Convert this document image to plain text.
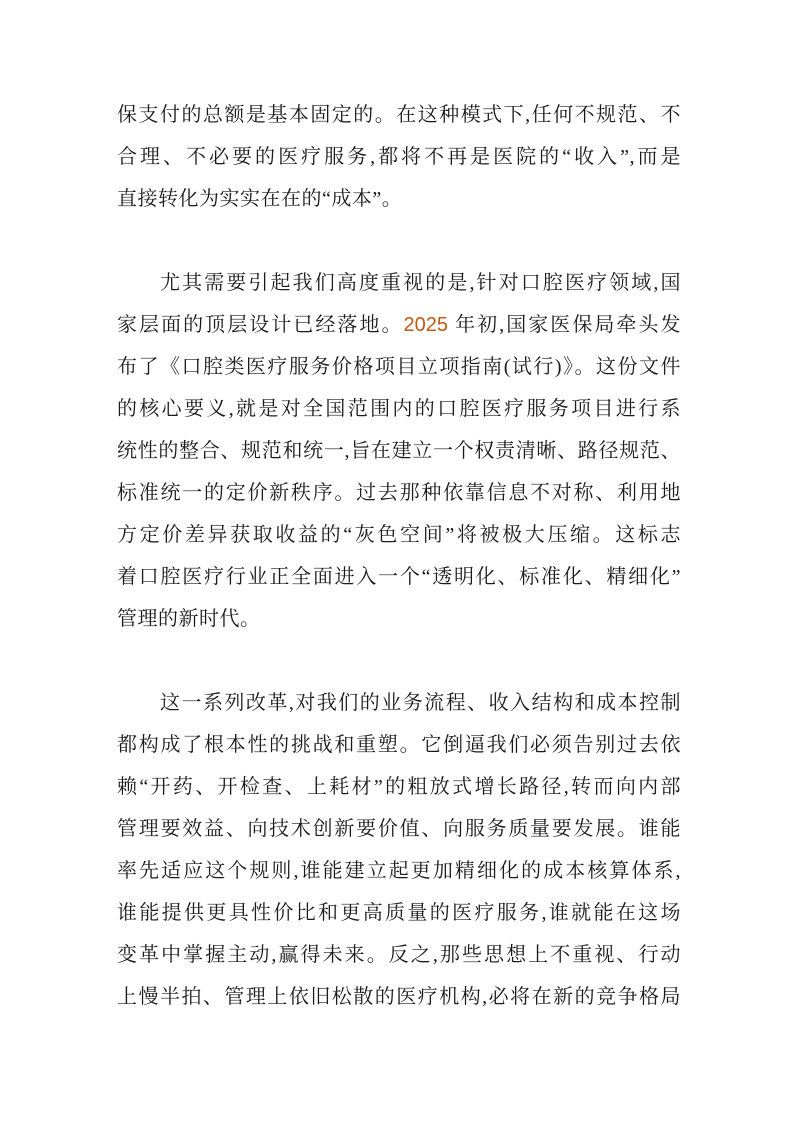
保支付的总额是基本固定的。在这种模式下,任何不规范、不
合理、不必要的医疗服务,都将不再是医院的“收入”,而是
直接转化为实实在在的“成本”。
尤其需要引起我们高度重视的是,针对口腔医疗领域,国
家层面的顶层设计已经落地。2025 年初,国家医保局牵头发
布了《口腔类医疗服务价格项目立项指南(试行)》。这份文件
的核心要义,就是对全国范围内的口腔医疗服务项目进行系
统性的整合、规范和统一,旨在建立一个权责清晰、路径规范、
标准统一的定价新秩序。过去那种依靠信息不对称、利用地
方定价差异获取收益的“灰色空间”将被极大压缩。这标志
着口腔医疗行业正全面进入一个“透明化、标准化、精细化”
管理的新时代。
这一系列改革,对我们的业务流程、收入结构和成本控制
都构成了根本性的挑战和重塑。它倒逼我们必须告别过去依
赖“开药、开检查、上耗材”的粗放式增长路径,转而向内部
管理要效益、向技术创新要价值、向服务质量要发展。谁能
率先适应这个规则,谁能建立起更加精细化的成本核算体系,
谁能提供更具性价比和更高质量的医疗服务,谁就能在这场
变革中掌握主动,赢得未来。反之,那些思想上不重视、行动
上慢半拍、管理上依旧松散的医疗机构,必将在新的竞争格局
